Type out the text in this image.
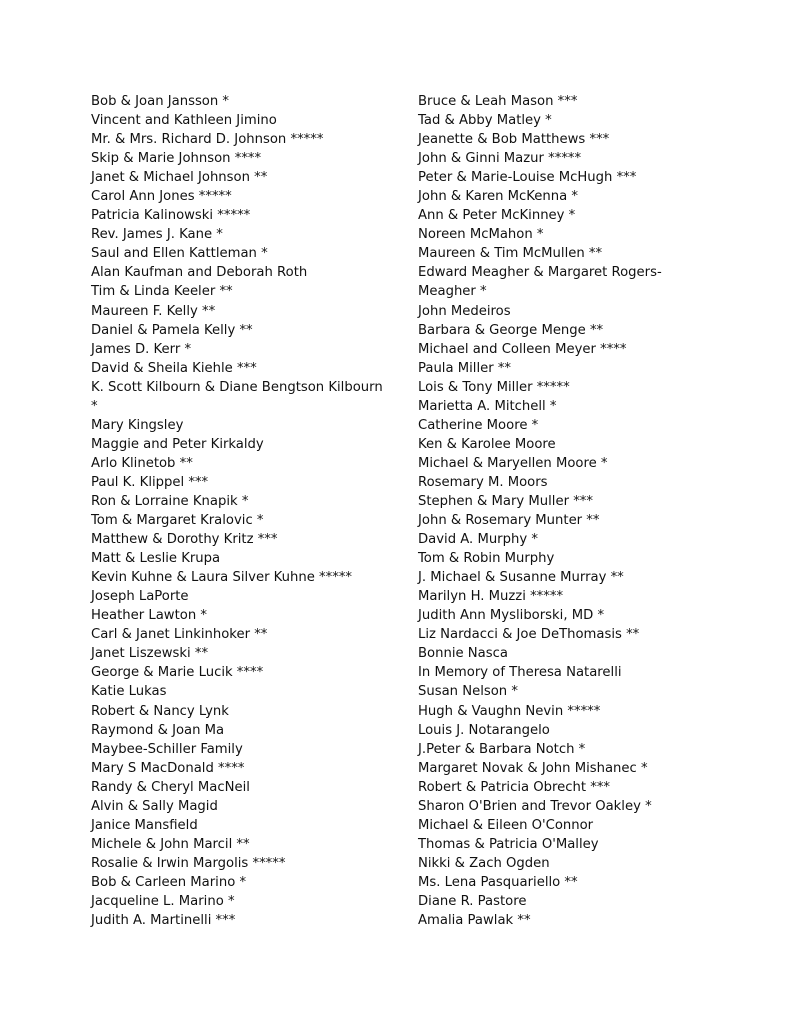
Bob & Joan Jansson *
Vincent and Kathleen Jimino
Mr. & Mrs. Richard D. Johnson *****
Skip & Marie Johnson ****
Janet & Michael Johnson **
Carol Ann Jones *****
Patricia Kalinowski *****
Rev. James J. Kane *
Saul and Ellen Kattleman *
Alan Kaufman and Deborah Roth
Tim & Linda Keeler **
Maureen F. Kelly **
Daniel & Pamela Kelly **
James D. Kerr *
David & Sheila Kiehle ***
K. Scott Kilbourn & Diane Bengtson Kilbourn
*
Mary Kingsley
Maggie and Peter Kirkaldy
Arlo Klinetob **
Paul K. Klippel ***
Ron & Lorraine Knapik *
Tom & Margaret Kralovic *
Matthew & Dorothy Kritz ***
Matt & Leslie Krupa
Kevin Kuhne & Laura Silver Kuhne *****
Joseph LaPorte
Heather Lawton *
Carl & Janet Linkinhoker **
Janet Liszewski **
George & Marie Lucik ****
Katie Lukas
Robert & Nancy Lynk
Raymond & Joan Ma
Maybee-Schiller Family
Mary S MacDonald ****
Randy & Cheryl MacNeil
Alvin & Sally Magid
Janice Mansfield
Michele & John Marcil **
Rosalie & Irwin Margolis *****
Bob & Carleen Marino *
Jacqueline L. Marino *
Judith A. Martinelli ***
Bruce & Leah Mason ***
Tad & Abby Matley *
Jeanette & Bob Matthews ***
John & Ginni Mazur *****
Peter & Marie-Louise McHugh ***
John & Karen McKenna *
Ann & Peter McKinney *
Noreen McMahon *
Maureen & Tim McMullen **
Edward Meagher & Margaret Rogers-
Meagher *
John Medeiros
Barbara & George Menge **
Michael and Colleen Meyer ****
Paula Miller **
Lois & Tony Miller *****
Marietta A. Mitchell *
Catherine Moore *
Ken & Karolee Moore
Michael & Maryellen Moore *
Rosemary M. Moors
Stephen & Mary Muller ***
John & Rosemary Munter **
David A. Murphy *
Tom & Robin Murphy
J. Michael & Susanne Murray **
Marilyn H. Muzzi *****
Judith Ann Mysliborski, MD *
Liz Nardacci & Joe DeThomasis **
Bonnie Nasca
In Memory of Theresa Natarelli
Susan Nelson *
Hugh & Vaughn Nevin *****
Louis J. Notarangelo
J.Peter & Barbara Notch *
Margaret Novak & John Mishanec *
Robert & Patricia Obrecht ***
Sharon O'Brien and Trevor Oakley *
Michael & Eileen O'Connor
Thomas & Patricia O'Malley
Nikki & Zach Ogden
Ms. Lena Pasquariello **
Diane R. Pastore
Amalia Pawlak **
